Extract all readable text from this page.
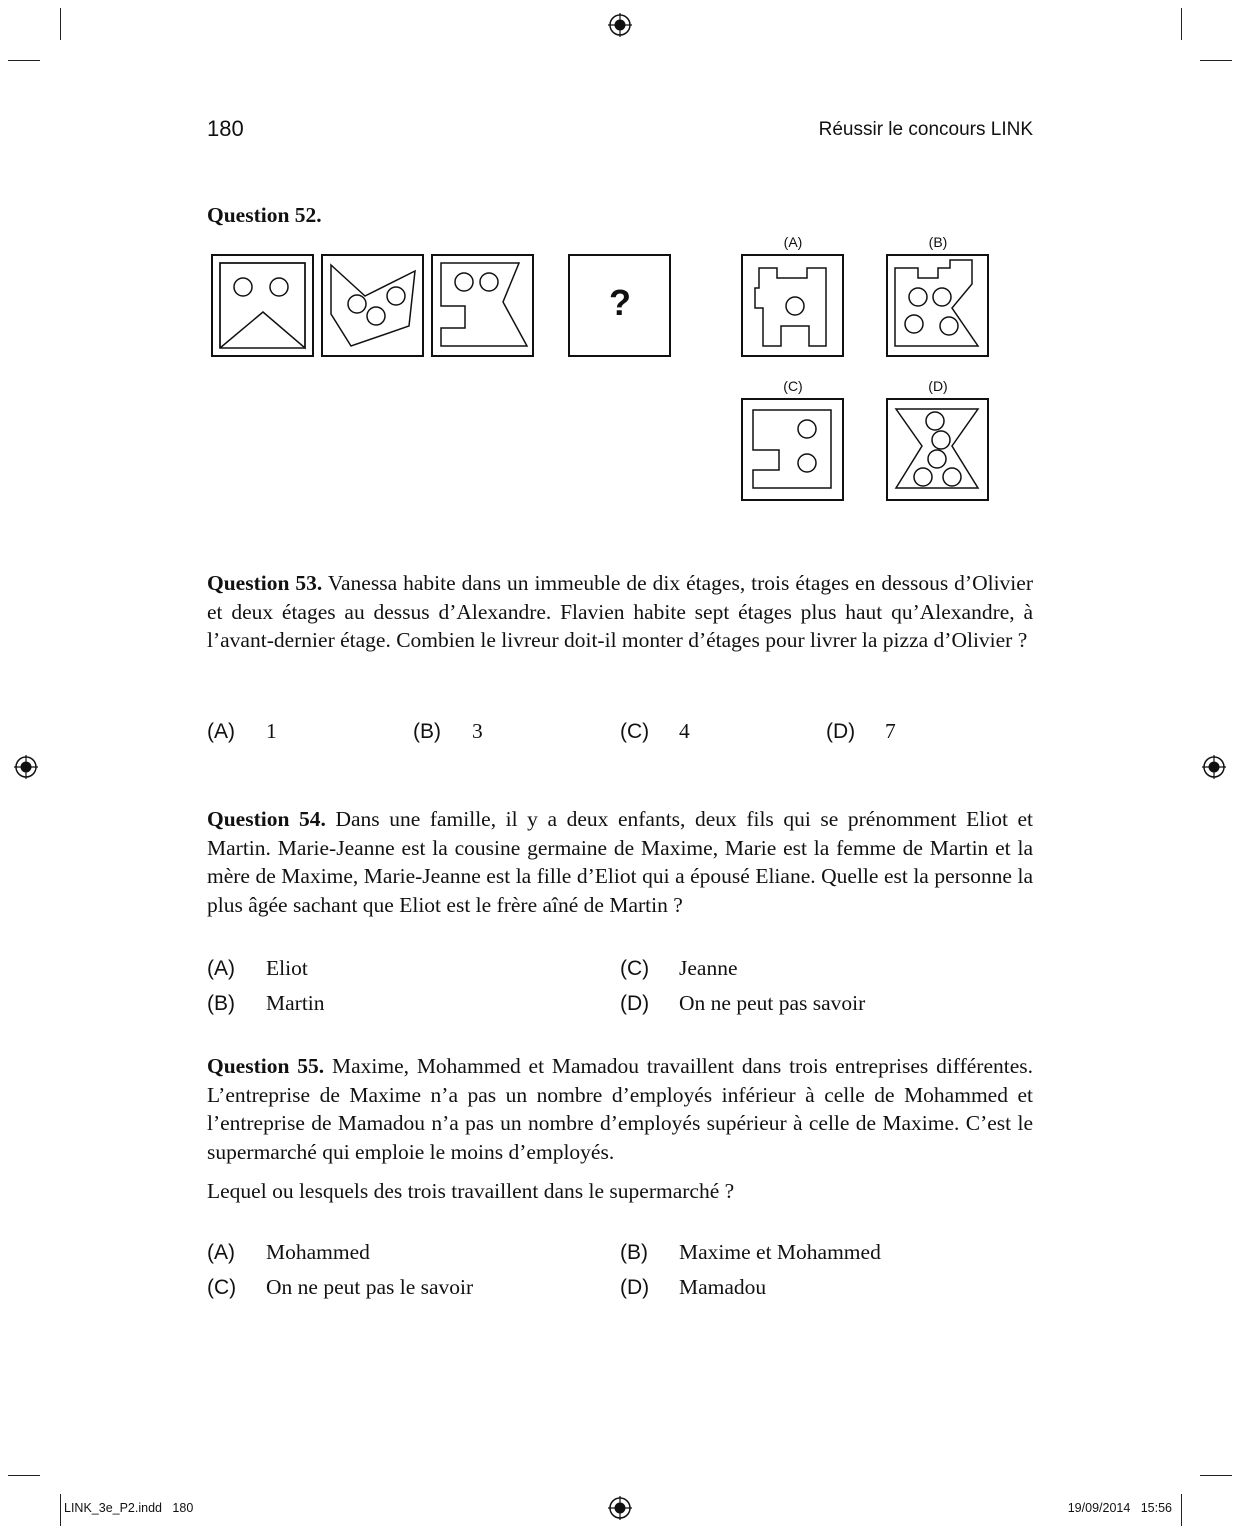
180	Réussir le concours LINK
Question 52.
?
(A)	(B)
(C)	(D)
Question 53. Vanessa habite dans un immeuble de dix étages, trois étages en dessous d’Olivier et deux étages au dessus d’Alexandre. Flavien habite sept étages plus haut qu’Alexandre, à l’avant-dernier étage. Combien le livreur doit-il monter d’étages pour livrer la pizza d’Olivier ?
(A) 1	(B) 3	(C) 4	(D) 7
Question 54. Dans une famille, il y a deux enfants, deux fils qui se prénomment Eliot et Martin. Marie-Jeanne est la cousine germaine de Maxime, Marie est la femme de Martin et la mère de Maxime, Marie-Jeanne est la fille d’Eliot qui a épousé Eliane. Quelle est la personne la plus âgée sachant que Eliot est le frère aîné de Martin ?
(A) Eliot
(B) Martin
(C) Jeanne
(D) On ne peut pas savoir
Question 55. Maxime, Mohammed et Mamadou travaillent dans trois entreprises différentes. L’entreprise de Maxime n’a pas un nombre d’employés inférieur à celle de Mohammed et l’entreprise de Mamadou n’a pas un nombre d’employés supérieur à celle de Maxime. C’est le supermarché qui emploie le moins d’employés.
Lequel ou lesquels des trois travaillent dans le supermarché ?
(A) Mohammed	(B) Maxime et Mohammed
(C) On ne peut pas le savoir	(D) Mamadou
LINK_3e_P2.indd   180	19/09/2014   15:56
